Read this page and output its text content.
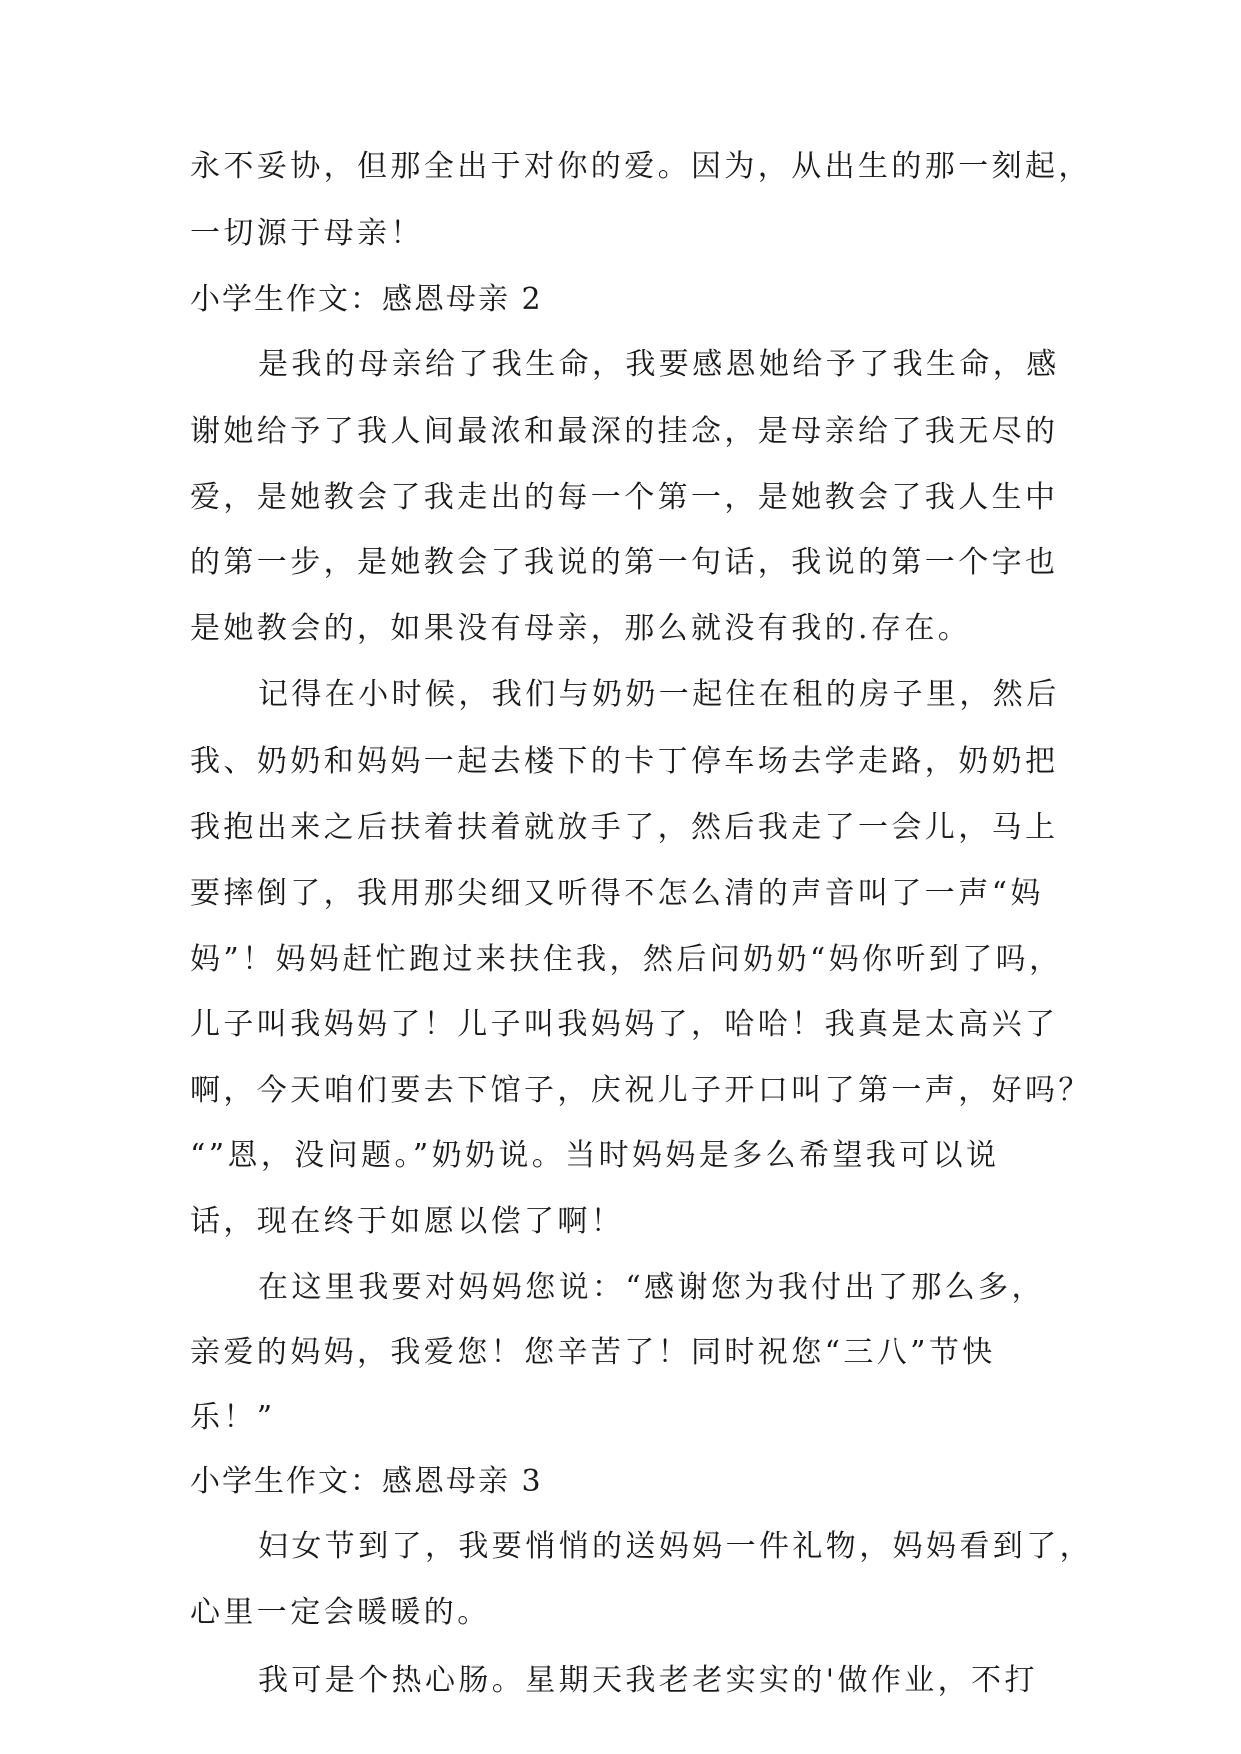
永不妥协，但那全出于对你的爱。因为，从出生的那一刻起，
一切源于母亲！
小学生作文：感恩母亲 2
是我的母亲给了我生命，我要感恩她给予了我生命，感
谢她给予了我人间最浓和最深的挂念，是母亲给了我无尽的
爱，是她教会了我走出的每一个第一，是她教会了我人生中
的第一步，是她教会了我说的第一句话，我说的第一个字也
是她教会的，如果没有母亲，那么就没有我的.存在。
记得在小时候，我们与奶奶一起住在租的房子里，然后
我、奶奶和妈妈一起去楼下的卡丁停车场去学走路，奶奶把
我抱出来之后扶着扶着就放手了，然后我走了一会儿，马上
要摔倒了，我用那尖细又听得不怎么清的声音叫了一声“妈
妈”！妈妈赶忙跑过来扶住我，然后问奶奶“妈你听到了吗，
儿子叫我妈妈了！儿子叫我妈妈了，哈哈！我真是太高兴了
啊，今天咱们要去下馆子，庆祝儿子开口叫了第一声，好吗？
“”恩，没问题。”奶奶说。当时妈妈是多么希望我可以说
话，现在终于如愿以偿了啊！
在这里我要对妈妈您说：“感谢您为我付出了那么多，
亲爱的妈妈，我爱您！您辛苦了！同时祝您“三八”节快
乐！”
小学生作文：感恩母亲 3
妇女节到了，我要悄悄的送妈妈一件礼物，妈妈看到了，
心里一定会暖暖的。
我可是个热心肠。星期天我老老实实的'做作业，不打
